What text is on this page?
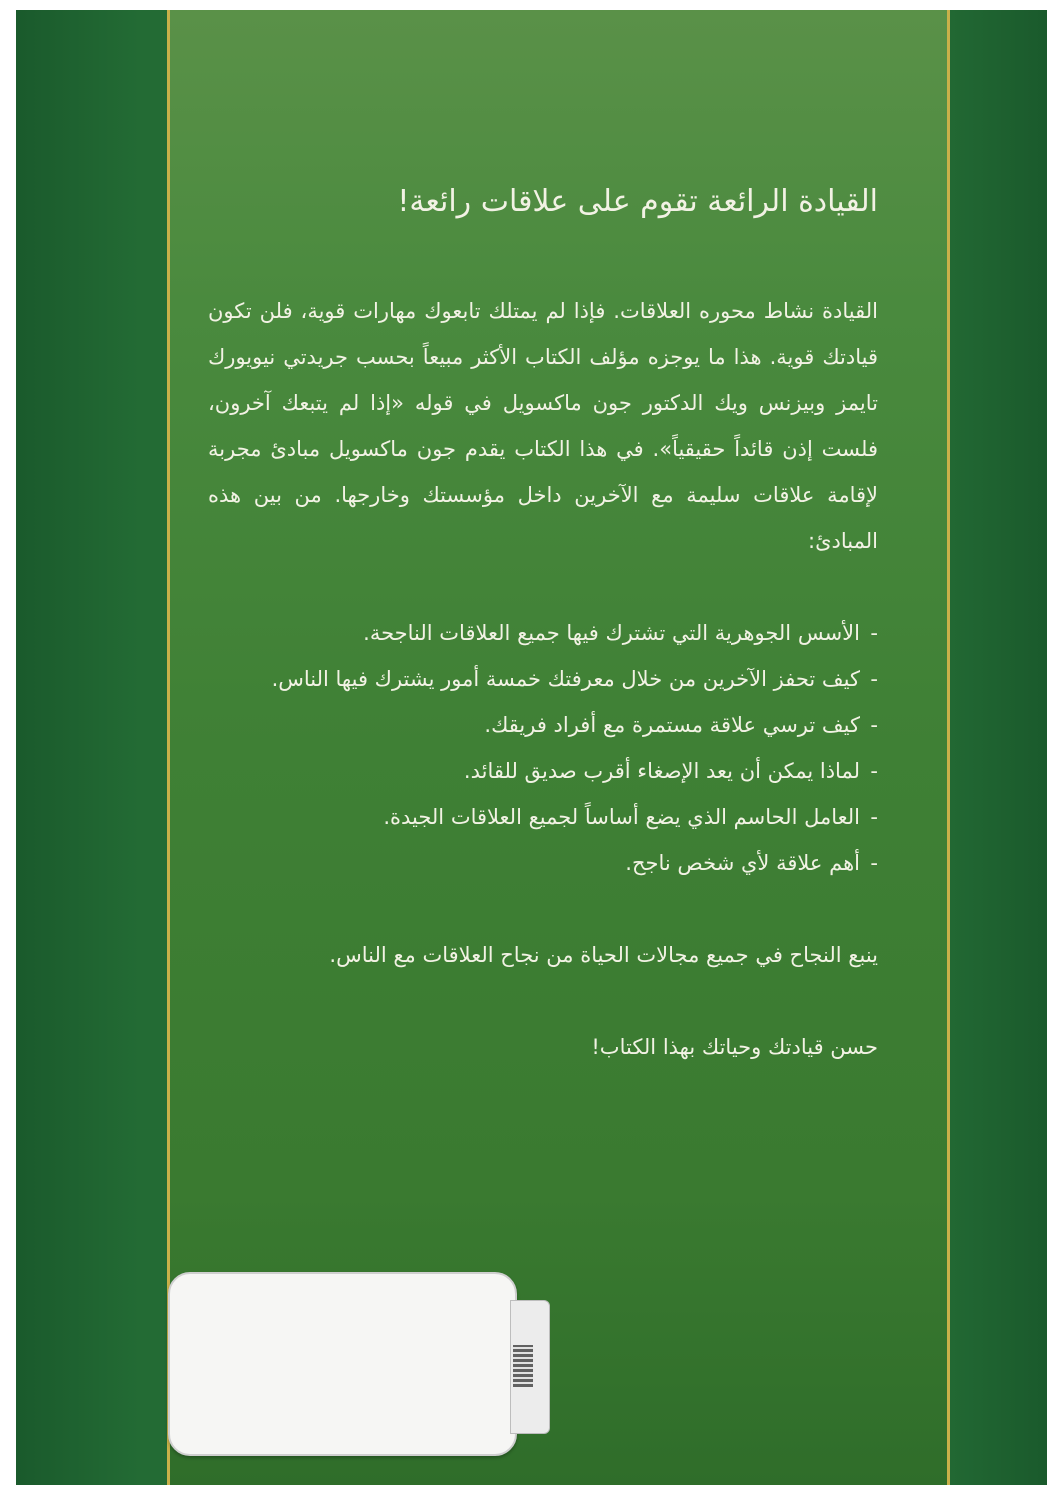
القيادة الرائعة تقوم على علاقات رائعة!

القيادة نشاط محوره العلاقات. فإذا لم يمتلك تابعوك مهارات قوية، فلن تكون قيادتك قوية. هذا ما يوجزه مؤلف الكتاب الأكثر مبيعاً بحسب جريدتي نيويورك تايمز وبيزنس ويك الدكتور جون ماكسويل في قوله «إذا لم يتبعك آخرون، فلست إذن قائداً حقيقياً». في هذا الكتاب يقدم جون ماكسويل مبادئ مجربة لإقامة علاقات سليمة مع الآخرين داخل مؤسستك وخارجها. من بين هذه المبادئ:

- الأسس الجوهرية التي تشترك فيها جميع العلاقات الناجحة.
- كيف تحفز الآخرين من خلال معرفتك خمسة أمور يشترك فيها الناس.
- كيف ترسي علاقة مستمرة مع أفراد فريقك.
- لماذا يمكن أن يعد الإصغاء أقرب صديق للقائد.
- العامل الحاسم الذي يضع أساساً لجميع العلاقات الجيدة.
- أهم علاقة لأي شخص ناجح.

ينبع النجاح في جميع مجالات الحياة من نجاح العلاقات مع الناس.

حسن قيادتك وحياتك بهذا الكتاب!
